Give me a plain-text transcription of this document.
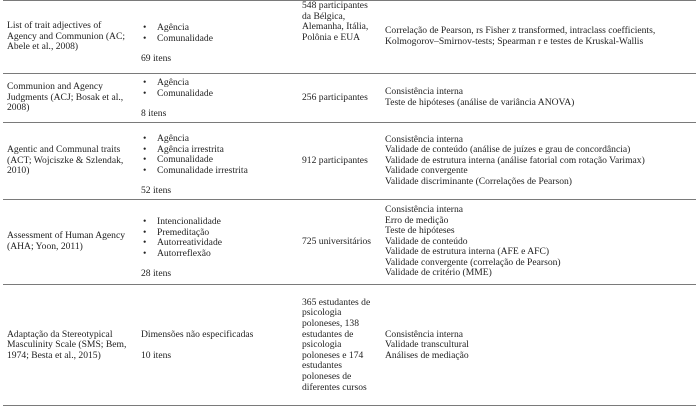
List of trait adjectives of Agency and Communion (AC; Abele et al., 2008)
• Agência
• Comunalidade
69 itens
548 participantes da Bélgica, Alemanha, Itália, Polônia e EUA
Correlação de Pearson, rs Fisher z transformed, intraclass coefficients, Kolmogorov–Smirnov-tests; Spearman r e testes de Kruskal-Wallis
Communion and Agency Judgments (ACJ; Bosak et al., 2008)
• Agência
• Comunalidade
8 itens
256 participantes	Consistência interna
Teste de hipóteses (análise de variância ANOVA)
Agentic and Communal traits (ACT; Wojciszke & Szlendak, 2010)
• Agência
• Agência irrestrita
• Comunalidade
• Comunalidade irrestrita
52 itens
912 participantes
Consistência interna
Validade de conteúdo (análise de juízes e grau de concordância)
Validade de estrutura interna (análise fatorial com rotação Varimax)
Validade convergente
Validade discriminante (Correlações de Pearson)
Assessment of Human Agency (AHA; Yoon, 2011)
• Intencionalidade
• Premeditação
• Autorreatividade
• Autorreflexão
28 itens
725 universitários
Consistência interna
Erro de medição
Teste de hipóteses
Validade de conteúdo
Validade de estrutura interna (AFE e AFC)
Validade convergente (correlação de Pearson)
Validade de critério (MME)
Adaptação da Stereotypical Masculinity Scale (SMS; Bem, 1974; Besta et al., 2015)
Dimensões não especificadas
10 itens
365 estudantes de psicologia poloneses, 138 estudantes de psicologia poloneses e 174 estudantes poloneses de diferentes cursos
Consistência interna
Validade transcultural
Análises de mediação
